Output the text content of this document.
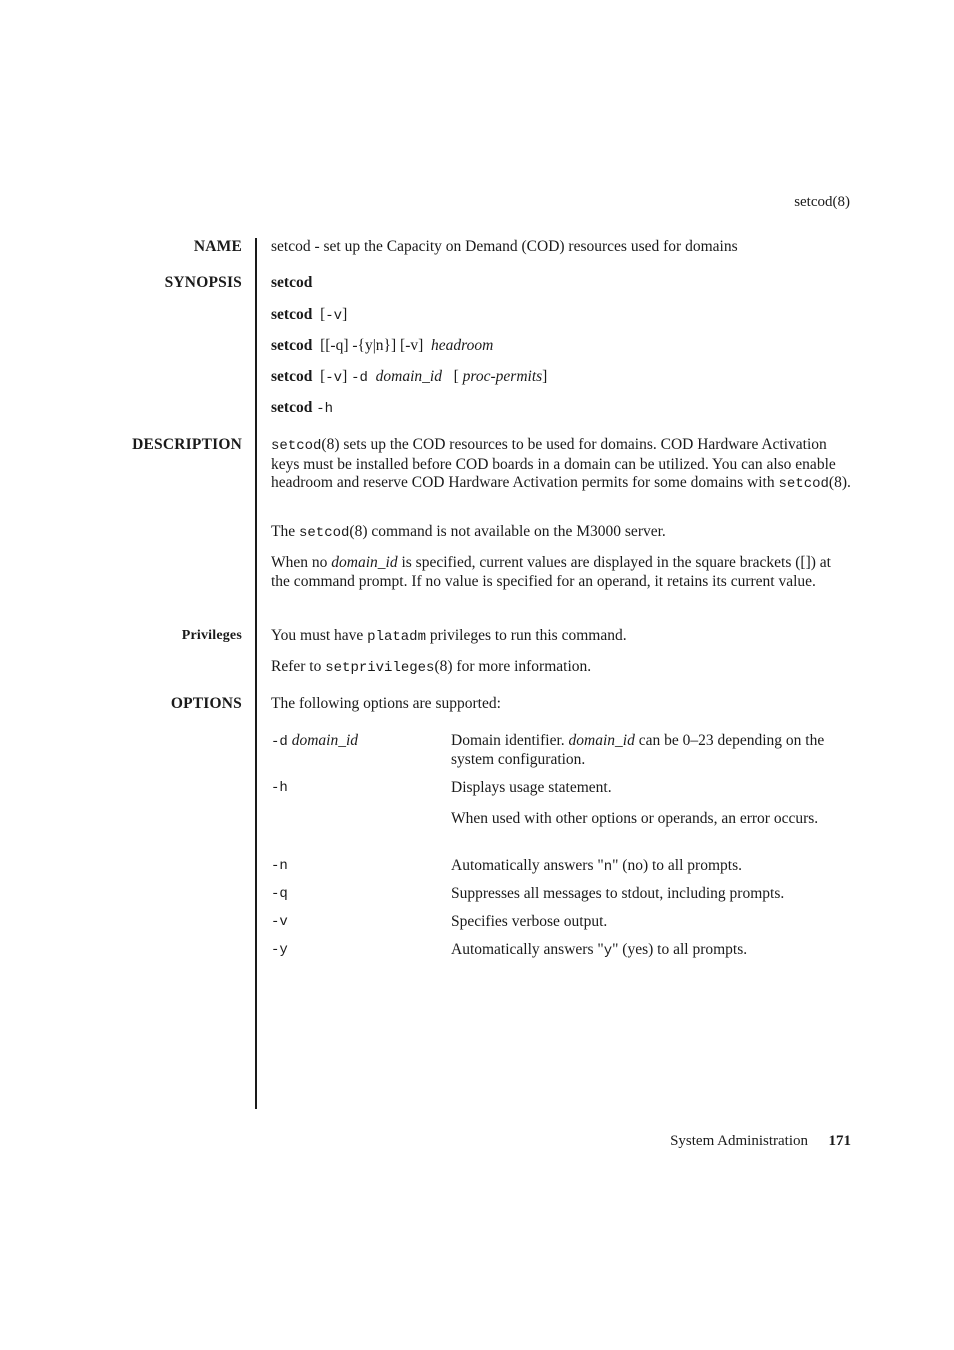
setcod(8)
NAME setcod - set up the Capacity on Demand (COD) resources used for domains
SYNOPSIS setcod
setcod [-v]
setcod [[-q] -{y|n}] [-v] headroom
setcod [-v] -d domain_id [ proc-permits]
setcod -h
DESCRIPTION setcod(8) sets up the COD resources to be used for domains. COD Hardware Activation keys must be installed before COD boards in a domain can be utilized. You can also enable headroom and reserve COD Hardware Activation permits for some domains with setcod(8).
The setcod(8) command is not available on the M3000 server.
When no domain_id is specified, current values are displayed in the square brackets ([]) at the command prompt. If no value is specified for an operand, it retains its current value.
Privileges You must have platadm privileges to run this command.
Refer to setprivileges(8) for more information.
OPTIONS The following options are supported:
-d domain_id	Domain identifier. domain_id can be 0–23 depending on the system configuration.
-h	Displays usage statement.
When used with other options or operands, an error occurs.
-n	Automatically answers "n" (no) to all prompts.
-q	Suppresses all messages to stdout, including prompts.
-v	Specifies verbose output.
-y	Automatically answers "y" (yes) to all prompts.
System Administration 171
